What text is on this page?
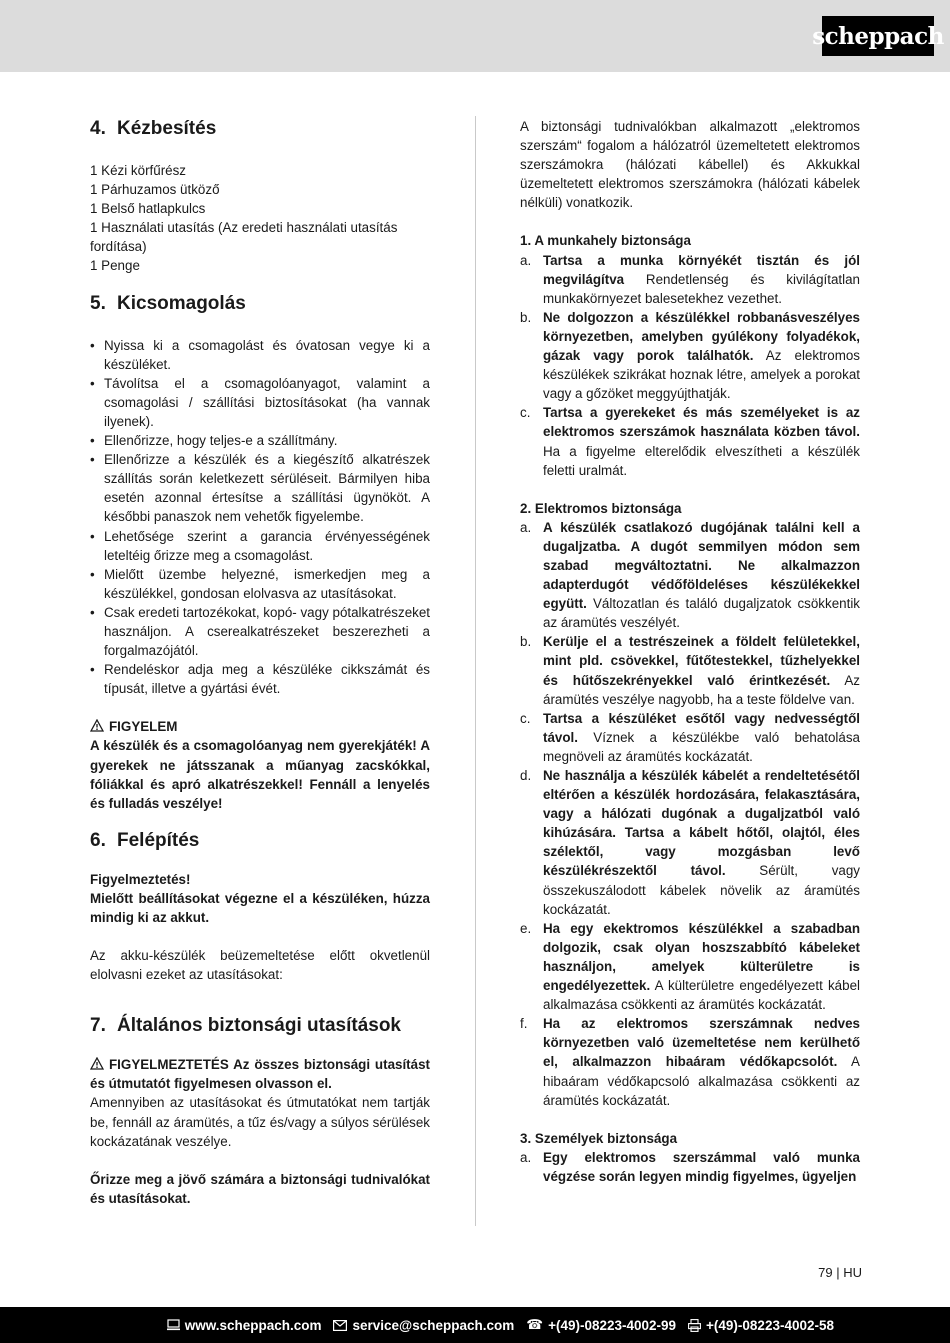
scheppach
4. Kézbesítés

1 Kézi körfűrész

1 Párhuzamos ütköző

1 Belső hatlapkulcs

1 Használati utasítás (Az eredeti használati utasítás fordítása)

1 Penge

5. Kicsomagolás
• Nyissa ki a csomagolást és óvatosan vegye ki a készüléket.
• Távolítsa el a csomagolóanyagot, valamint a csomagolási / szállítási biztosításokat (ha vannak ilyenek).
• Ellenőrizze, hogy teljes-e a szállítmány.
• Ellenőrizze a készülék és a kiegészítő alkatrészek szállítás során keletkezett sérüléseit. Bármilyen hiba esetén azonnal értesítse a szállítási ügynököt. A későbbi panaszok nem vehetők figyelembe.
• Lehetősége szerint a garancia érvényességének leteltéig őrizze meg a csomagolást.
• Mielőtt üzembe helyezné, ismerkedjen meg a készülékkel, gondosan elolvasva az utasításokat.
• Csak eredeti tartozékokat, kopó- vagy pótalkatrészeket használjon. A cserealkatrészeket beszerezheti a forgalmazójától.
• Rendeléskor adja meg a készüléke cikkszámát és típusát, illetve a gyártási évét.

FIGYELEM

A készülék és a csomagolóanyag nem gyerekjáték! A gyerekek ne játsszanak a műanyag zacskókkal, fóliákkal és apró alkatrészekkel! Fennáll a lenyelés és fulladás veszélye!

6. Felépítés

Figyelmeztetés!

Mielőtt beállításokat végezne el a készüléken, húzza mindig ki az akkut.

Az akku-készülék beüzemeltetése előtt okvetlenül elolvasni ezeket az utasításokat:

7. Általános biztonsági utasítások

FIGYELMEZTETÉS Az összes biztonsági utasítást és útmutatót figyelmesen olvasson el.

Amennyiben az utasításokat és útmutatókat nem tartják be, fennáll az áramütés, a tűz és/vagy a súlyos sérülések kockázatának veszélye.

Őrizze meg a jövő számára a biztonsági tudnivalókat és utasításokat.

A biztonsági tudnivalókban alkalmazott „elektromos szerszám“ fogalom a hálózatról üzemeltetett elektromos szerszámokra (hálózati kábellel) és Akkukkal üzemeltetett elektromos szerszámokra (hálózati kábelek nélküli) vonatkozik.

1. A munkahely biztonsága

a. Tartsa a munka környékét tisztán és jól megvilágítva Rendetlenség és kivilágítatlan munkakörnyezet balesetekhez vezethet.
b. Ne dolgozzon a készülékkel robbanásveszélyes környezetben, amelyben gyúlékony folyadékok, gázak vagy porok találhatók. Az elektromos készülékek szikrákat hoznak létre, amelyek a porokat vagy a gőzöket meggyújthatják.
c. Tartsa a gyerekeket és más személyeket is az elektromos szerszámok használata közben távol. Ha a figyelme elterelődik elveszítheti a készülék feletti uralmát.

2. Elektromos biztonsága

a. A készülék csatlakozó dugójának találni kell a dugaljzatba. A dugót semmilyen módon sem szabad megváltoztatni. Ne alkalmazzon adapterdugót védőföldeléses készülékekkel együtt. Változatlan és találó dugaljzatok csökkentik az áramütés veszélyét.
b. Kerülje el a testrészeinek a földelt felületekkel, mint pld. csövekkel, fűtőtestekkel, tűzhelyekkel és hűtőszekrényekkel való érintkezését. Az áramütés veszélye nagyobb, ha a teste földelve van.
c. Tartsa a készüléket esőtől vagy nedvességtől távol. Víznek a készülékbe való behatolása megnöveli az áramütés kockázatát.
d. Ne használja a készülék kábelét a rendeltetésétől eltérően a készülék hordozására, felakasztására, vagy a hálózati dugónak a dugaljzatból való kihúzására. Tartsa a kábelt hőtől, olajtól, éles szélektől, vagy mozgásban levő készülékrészektől távol. Sérült, vagy összekuszálodott kábelek növelik az áramütés kockázatát.
e. Ha egy ekektromos készülékkel a szabadban dolgozik, csak olyan hoszszabbító kábeleket használjon, amelyek külterületre is engedélyezettek. A külterületre engedélyezett kábel alkalmazása csökkenti az áramütés kockázatát.
f. Ha az elektromos szerszámnak nedves környezetben való üzemeltetése nem kerülhető el, alkalmazzon hibaáram védőkapcsolót. A hibaáram védőkapcsoló alkalmazása csökkenti az áramütés kockázatát.

3. Személyek biztonsága

a. Egy elektromos szerszámmal való munka végzése során legyen mindig figyelmes, ügyeljen
79 | HU
www.scheppach.com service@scheppach.com ☎ +(49)-08223-4002-99 +(49)-08223-4002-58
